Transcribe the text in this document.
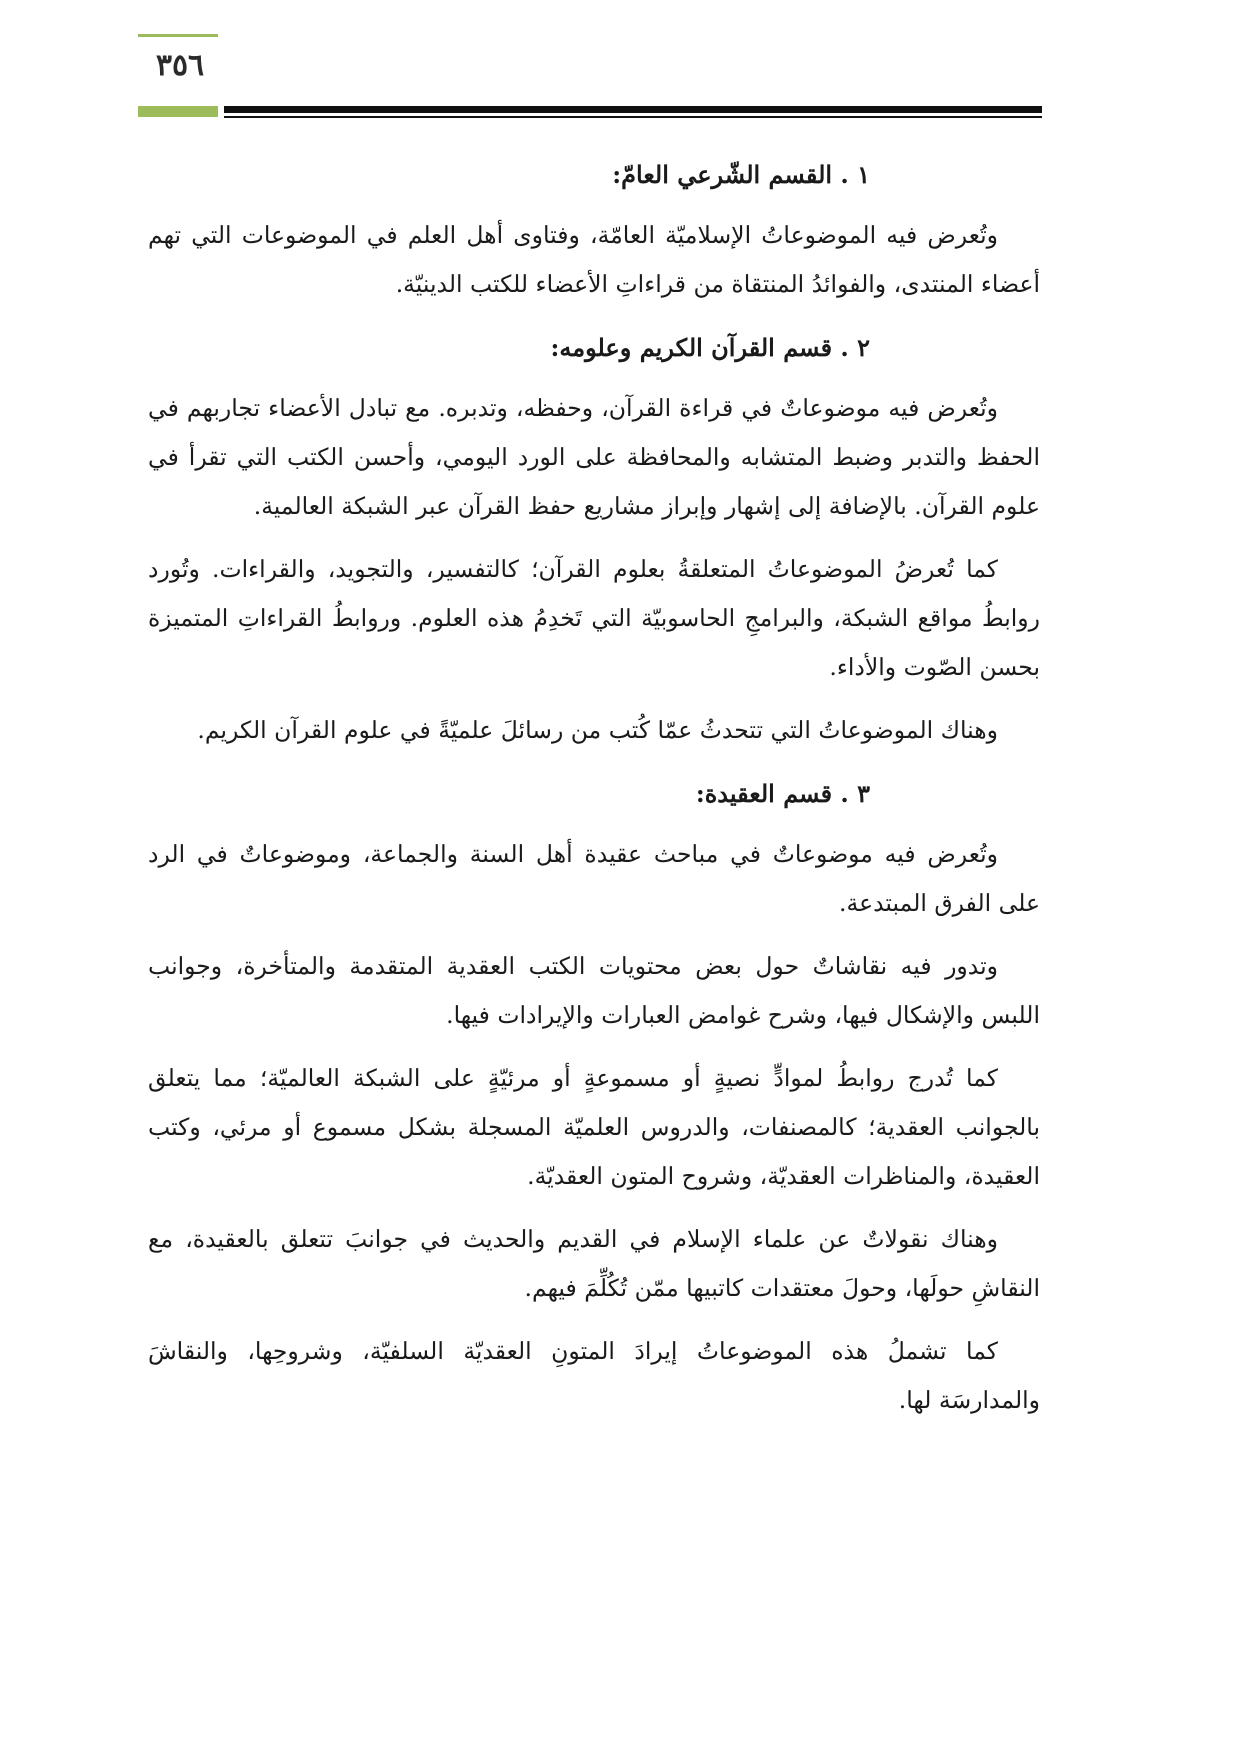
٣٥٦
١ . القسم الشّرعي العامّ:

وتُعرض فيه الموضوعاتُ الإسلاميّة العامّة، وفتاوى أهل العلم في الموضوعات التي تهم أعضاء المنتدى، والفوائدُ المنتقاة من قراءاتِ الأعضاء للكتب الدينيّة.

٢ . قسم القرآن الكريم وعلومه:

وتُعرض فيه موضوعاتٌ في قراءة القرآن، وحفظه، وتدبره. مع تبادل الأعضاء تجاربهم في الحفظ والتدبر وضبط المتشابه والمحافظة على الورد اليومي، وأحسن الكتب التي تقرأ في علوم القرآن. بالإضافة إلى إشهار وإبراز مشاريع حفظ القرآن عبر الشبكة العالمية.

كما تُعرضُ الموضوعاتُ المتعلقةُ بعلوم القرآن؛ كالتفسير، والتجويد، والقراءات. وتُورد روابطُ مواقع الشبكة، والبرامجِ الحاسوبيّة التي تَخدِمُ هذه العلوم. وروابطُ القراءاتِ المتميزة بحسن الصّوت والأداء.

وهناك الموضوعاتُ التي تتحدثُ عمّا كُتب من رسائلَ علميّةً في علوم القرآن الكريم.

٣ . قسم العقيدة:

وتُعرض فيه موضوعاتٌ في مباحث عقيدة أهل السنة والجماعة، وموضوعاتٌ في الرد على الفرق المبتدعة.

وتدور فيه نقاشاتٌ حول بعض محتويات الكتب العقدية المتقدمة والمتأخرة، وجوانب اللبس والإشكال فيها، وشرح غوامض العبارات والإيرادات فيها.

كما تُدرج روابطُ لموادٍّ نصيةٍ أو مسموعةٍ أو مرئيّةٍ على الشبكة العالميّة؛ مما يتعلق بالجوانب العقدية؛ كالمصنفات، والدروس العلميّة المسجلة بشكل مسموع أو مرئي، وكتب العقيدة، والمناظرات العقديّة، وشروح المتون العقديّة.

وهناك نقولاتٌ عن علماء الإسلام في القديم والحديث في جوانبَ تتعلق بالعقيدة، مع النقاشِ حولَها، وحولَ معتقدات كاتبيها ممّن تُكُلِّمَ فيهم.

كما تشملُ هذه الموضوعاتُ إيرادَ المتونِ العقديّة السلفيّة، وشروحِها، والنقاشَ والمدارسَة لها.
